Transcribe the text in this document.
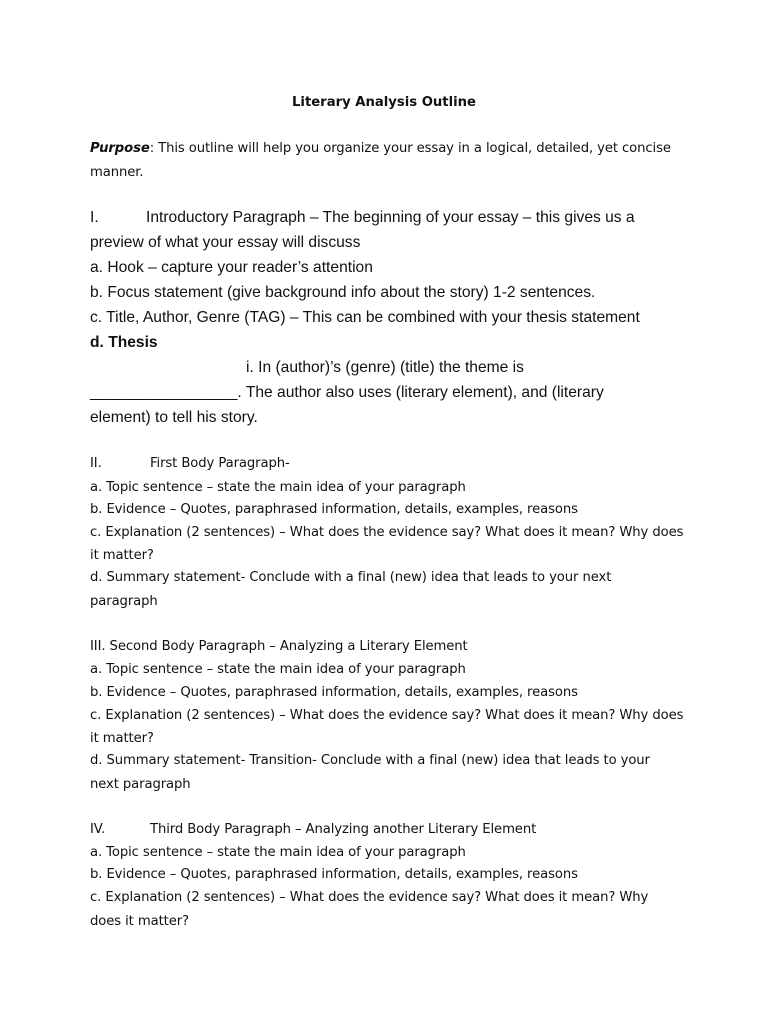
Literary Analysis Outline
Purpose: This outline will help you organize your essay in a logical, detailed, yet concise
manner.
I.	Introductory Paragraph – The beginning of your essay – this gives us a
preview of what your essay will discuss
a. Hook – capture your reader’s attention
b. Focus statement (give background info about the story) 1-2 sentences.
c. Title, Author, Genre (TAG) – This can be combined with your thesis statement
d. Thesis
i. In (author)’s (genre) (title) the theme is
_________________. The author also uses (literary element), and (literary
element) to tell his story.
II.	First Body Paragraph-
a. Topic sentence – state the main idea of your paragraph
b. Evidence – Quotes, paraphrased information, details, examples, reasons
c. Explanation (2 sentences) – What does the evidence say? What does it mean? Why does
it matter?
d. Summary statement- Conclude with a final (new) idea that leads to your next
paragraph
III. Second Body Paragraph – Analyzing a Literary Element
a. Topic sentence – state the main idea of your paragraph
b. Evidence – Quotes, paraphrased information, details, examples, reasons
c. Explanation (2 sentences) – What does the evidence say? What does it mean? Why does
it matter?
d. Summary statement- Transition- Conclude with a final (new) idea that leads to your
next paragraph
IV.	Third Body Paragraph – Analyzing another Literary Element
a. Topic sentence – state the main idea of your paragraph
b. Evidence – Quotes, paraphrased information, details, examples, reasons
c. Explanation (2 sentences) – What does the evidence say? What does it mean? Why
does it matter?
